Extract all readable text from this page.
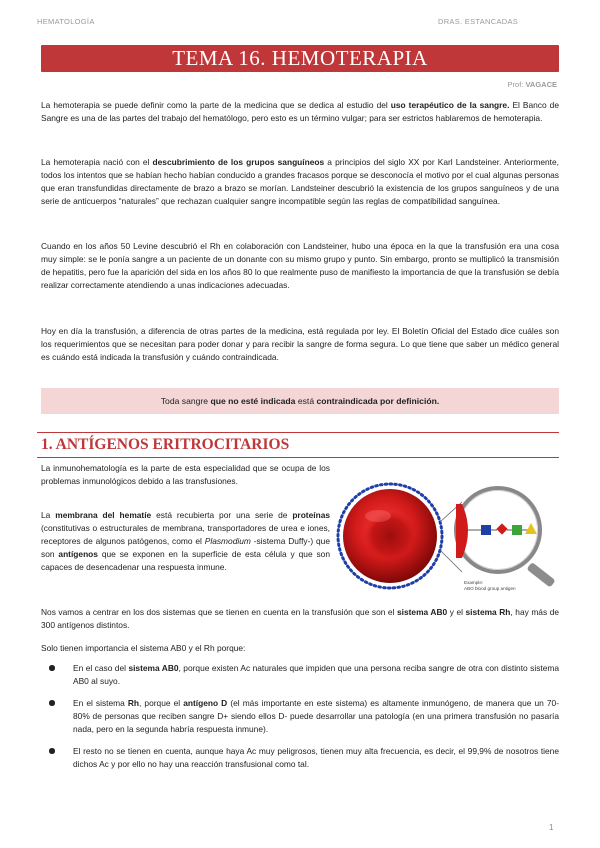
HEMATOLOGÍA	DRAS. ESTANCADAS
TEMA 16. HEMOTERAPIA
Prof: VAGACE
La hemoterapia se puede definir como la parte de la medicina que se dedica al estudio del uso terapéutico de la sangre. El Banco de Sangre es una de las partes del trabajo del hematólogo, pero esto es un término vulgar; para ser estrictos hablaremos de hemoterapia.
La hemoterapia nació con el descubrimiento de los grupos sanguíneos a principios del siglo XX por Karl Landsteiner. Anteriormente, todos los intentos que se habían hecho habían conducido a grandes fracasos porque se desconocía el motivo por el cual algunas personas que eran transfundidas directamente de brazo a brazo se morían. Landsteiner descubrió la existencia de los grupos sanguíneos y de una serie de anticuerpos “naturales” que rechazan cualquier sangre incompatible según las reglas de compatibilidad sanguínea.
Cuando en los años 50 Levine descubrió el Rh en colaboración con Landsteiner, hubo una época en la que la transfusión era una cosa muy simple: se le ponía sangre a un paciente de un donante con su mismo grupo y punto. Sin embargo, pronto se multiplicó la transmisión de hepatitis, pero fue la aparición del sida en los años 80 lo que realmente puso de manifiesto la importancia de que la transfusión se debía realizar correctamente atendiendo a unas indicaciones adecuadas.
Hoy en día la transfusión, a diferencia de otras partes de la medicina, está regulada por ley. El Boletín Oficial del Estado dice cuáles son los requerimientos que se necesitan para poder donar y para recibir la sangre de forma segura. Lo que tiene que saber un médico general es cuándo está indicada la transfusión y cuándo contraindicada.
Toda sangre que no esté indicada está contraindicada por definición.
1. ANTÍGENOS ERITROCITARIOS
La inmunohematología es la parte de esta especialidad que se ocupa de los problemas inmunológicos debido a las transfusiones.
La membrana del hematíe está recubierta por una serie de proteínas (constitutivas o estructurales de membrana, transportadores de urea e iones, receptores de algunos patógenos, como el Plasmodium -sistema Duffy-) que son antígenos que se exponen en la superficie de esta célula y que son capaces de desencadenar una respuesta inmune.
Nos vamos a centrar en los dos sistemas que se tienen en cuenta en la transfusión que son el sistema AB0 y el sistema Rh, hay más de 300 antígenos distintos.
Solo tienen importancia el sistema AB0 y el Rh porque:
En el caso del sistema AB0, porque existen Ac naturales que impiden que una persona reciba sangre de otra con distinto sistema AB0 al suyo.
En el sistema Rh, porque el antígeno D (el más importante en este sistema) es altamente inmunógeno, de manera que un 70-80% de personas que reciben sangre D+ siendo ellos D- puede desarrollar una patología (en una primera transfusión no pasaría nada, pero en la segunda habría respuesta inmune).
El resto no se tienen en cuenta, aunque haya Ac muy peligrosos, tienen muy alta frecuencia, es decir, el 99,9% de nosotros tiene dichos Ac y por ello no hay una reacción transfusional como tal.
Example:
ABO blood group antigen
1
